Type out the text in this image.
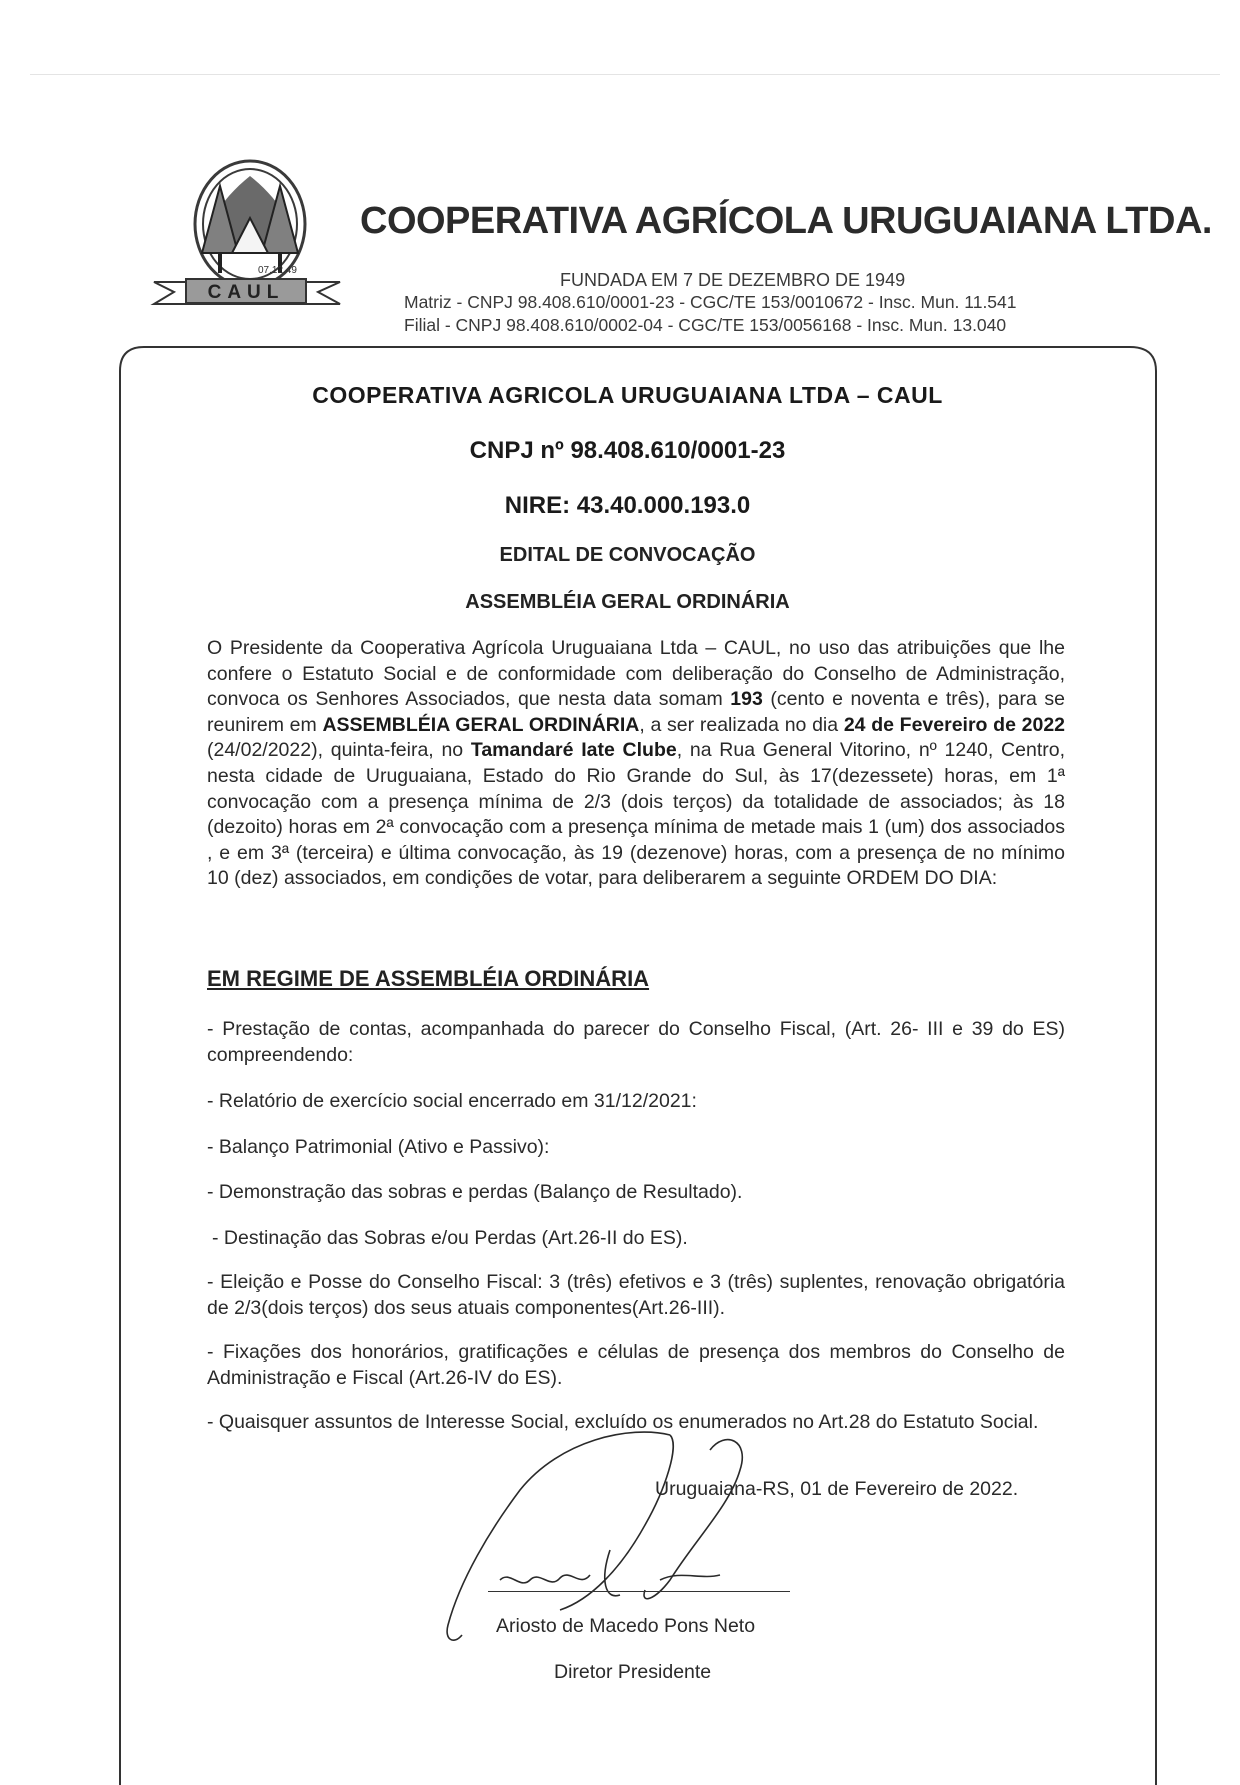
07.12.49
CAUL
COOPERATIVA AGRÍCOLA URUGUAIANA LTDA.
FUNDADA EM 7 DE DEZEMBRO DE 1949
Matriz - CNPJ 98.408.610/0001-23 - CGC/TE 153/0010672 - Insc. Mun. 11.541
Filial - CNPJ 98.408.610/0002-04 - CGC/TE 153/0056168 - Insc. Mun. 13.040
COOPERATIVA AGRICOLA URUGUAIANA LTDA – CAUL
CNPJ nº 98.408.610/0001-23
NIRE: 43.40.000.193.0
EDITAL DE CONVOCAÇÃO
ASSEMBLÉIA GERAL ORDINÁRIA
O Presidente da Cooperativa Agrícola Uruguaiana Ltda – CAUL, no uso das atribuições que lhe confere o Estatuto Social e de conformidade com deliberação do Conselho de Administração, convoca os Senhores Associados, que nesta data somam 193 (cento e noventa e três), para se reunirem em ASSEMBLÉIA GERAL ORDINÁRIA, a ser realizada no dia 24 de Fevereiro de 2022 (24/02/2022), quinta-feira, no Tamandaré Iate Clube, na Rua General Vitorino, nº 1240, Centro, nesta cidade de Uruguaiana, Estado do Rio Grande do Sul, às 17(dezessete) horas, em 1ª convocação com a presença mínima de 2/3 (dois terços) da totalidade de associados; às 18 (dezoito) horas em 2ª convocação com a presença mínima de metade mais 1 (um) dos associados , e em 3ª (terceira) e última convocação, às 19 (dezenove) horas, com a presença de no mínimo 10 (dez) associados, em condições de votar, para deliberarem a seguinte ORDEM DO DIA:
EM REGIME DE ASSEMBLÉIA ORDINÁRIA
- Prestação de contas, acompanhada do parecer do Conselho Fiscal, (Art. 26- III e 39 do ES) compreendendo:
- Relatório de exercício social encerrado em 31/12/2021:
- Balanço Patrimonial (Ativo e Passivo):
- Demonstração das sobras e perdas (Balanço de Resultado).
- Destinação das Sobras e/ou Perdas (Art.26-II do ES).
- Eleição e Posse do Conselho Fiscal: 3 (três) efetivos e 3 (três) suplentes, renovação obrigatória de 2/3(dois terços) dos seus atuais componentes(Art.26-III).
- Fixações dos honorários, gratificações e células de presença dos membros do Conselho de Administração e Fiscal (Art.26-IV do ES).
- Quaisquer assuntos de Interesse Social, excluído os enumerados no Art.28 do Estatuto Social.
Uruguaiana-RS, 01 de Fevereiro de 2022.
Ariosto de Macedo Pons Neto
Diretor Presidente
